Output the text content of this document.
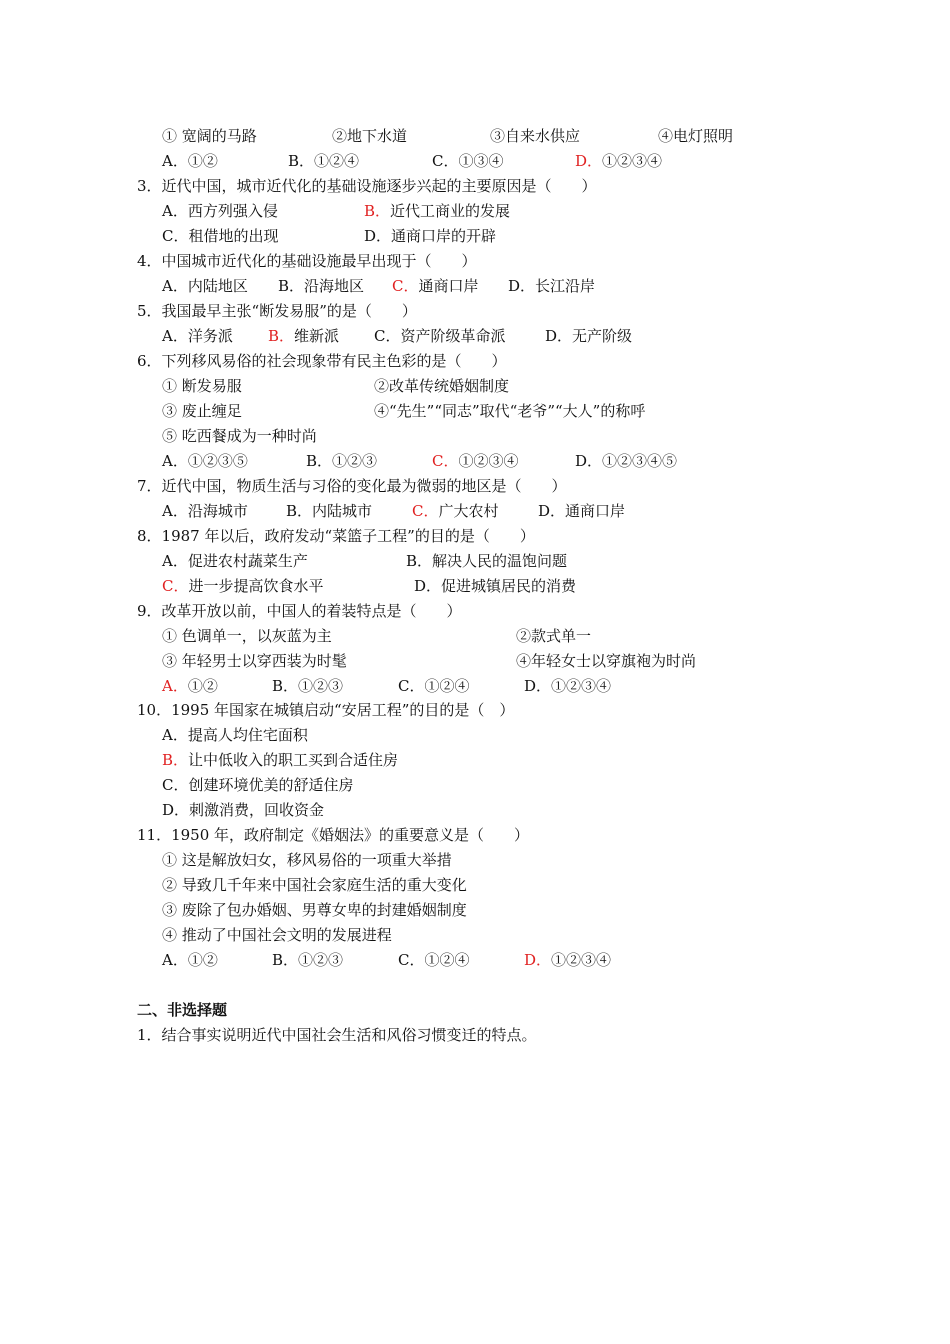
① 宽阔的马路	②地下水道	③自来水供应	④电灯照明
A．①②	B．①②④	C．①③④	D．①②③④
3．近代中国，城市近代化的基础设施逐步兴起的主要原因是（　　）
A．西方列强入侵	B．近代工商业的发展
C．租借地的出现	D．通商口岸的开辟
4．中国城市近代化的基础设施最早出现于（　　）
A．内陆地区 B．沿海地区 C．通商口岸 D．长江沿岸
5．我国最早主张“断发易服”的是（　　）
A．洋务派 B．维新派 C．资产阶级革命派	D．无产阶级
6．下列移风易俗的社会现象带有民主色彩的是（　　）
① 断发易服	②改革传统婚姻制度
③ 废止缠足	④“先生”“同志”取代“老爷”“大人”的称呼
⑤ 吃西餐成为一种时尚
A．①②③⑤	B．①②③	C．①②③④	D．①②③④⑤
7．近代中国，物质生活与习俗的变化最为微弱的地区是（　　）
A．沿海城市	B．内陆城市	C．广大农村	D．通商口岸
8．1987 年以后，政府发动“菜篮子工程”的目的是（　　）
A．促进农村蔬菜生产	B．解决人民的温饱问题
C．进一步提高饮食水平	D．促进城镇居民的消费
9．改革开放以前，中国人的着装特点是（　　）
① 色调单一，以灰蓝为主	②款式单一
③ 年轻男士以穿西装为时髦	④年轻女士以穿旗袍为时尚
A．①②	B．①②③	C．①②④	D．①②③④
10．1995 年国家在城镇启动“安居工程”的目的是（　）
A．提高人均住宅面积
B．让中低收入的职工买到合适住房
C．创建环境优美的舒适住房
D．刺激消费，回收资金
11．1950 年，政府制定《婚姻法》的重要意义是（　　）
① 这是解放妇女，移风易俗的一项重大举措
② 导致几千年来中国社会家庭生活的重大变化
③ 废除了包办婚姻、男尊女卑的封建婚姻制度
④ 推动了中国社会文明的发展进程
A．①②	B．①②③	C．①②④	D．①②③④
二、非选择题
1．结合事实说明近代中国社会生活和风俗习惯变迁的特点。
